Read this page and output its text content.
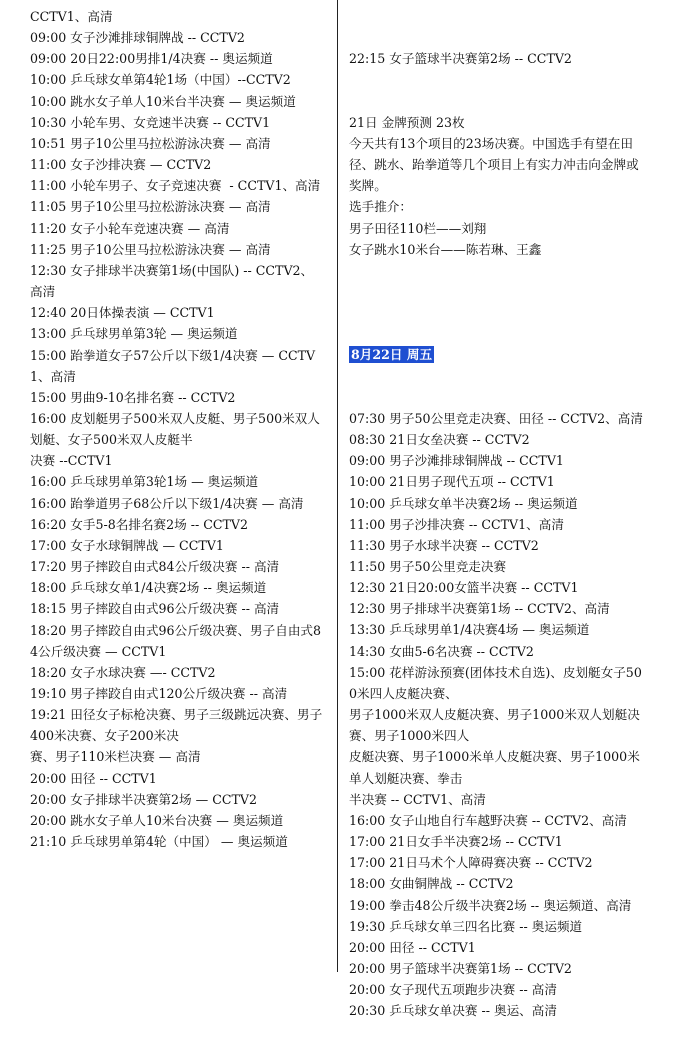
CCTV1、高清
09:00 女子沙滩排球铜牌战 -- CCTV2
09:00 20日22:00男排1/4决赛 -- 奥运频道
10:00 乒乓球女单第4轮1场（中国）--CCTV2
10:00 跳水女子单人10米台半决赛 — 奥运频道
10:30 小轮车男、女竞速半决赛 -- CCTV1
10:51 男子10公里马拉松游泳决赛 — 高清
11:00 女子沙排决赛 — CCTV2
11:00 小轮车男子、女子竞速决赛  - CCTV1、高清
11:05 男子10公里马拉松游泳决赛 — 高清
11:20 女子小轮车竞速决赛 — 高清
11:25 男子10公里马拉松游泳决赛 — 高清
12:30 女子排球半决赛第1场(中国队) -- CCTV2、高清
12:40 20日体操表演 — CCTV1
13:00 乒乓球男单第3轮 — 奥运频道
15:00 跆拳道女子57公斤以下级1/4决赛 — CCTV1、高清
15:00 男曲9-10名排名赛 -- CCTV2
16:00 皮划艇男子500米双人皮艇、男子500米双人划艇、女子500米双人皮艇半
决赛 --CCTV1
16:00 乒乓球男单第3轮1场 — 奥运频道
16:00 跆拳道男子68公斤以下级1/4决赛 — 高清
16:20 女手5-8名排名赛2场 -- CCTV2
17:00 女子水球铜牌战 — CCTV1
17:20 男子摔跤自由式84公斤级决赛 -- 高清
18:00 乒乓球女单1/4决赛2场 -- 奥运频道
18:15 男子摔跤自由式96公斤级决赛 -- 高清
18:20 男子摔跤自由式96公斤级决赛、男子自由式84公斤级决赛 — CCTV1
18:20 女子水球决赛 —- CCTV2
19:10 男子摔跤自由式120公斤级决赛 -- 高清
19:21 田径女子标枪决赛、男子三级跳远决赛、男子400米决赛、女子200米决
赛、男子110米栏决赛 — 高清
20:00 田径 -- CCTV1
20:00 女子排球半决赛第2场 — CCTV2
20:00 跳水女子单人10米台决赛 — 奥运频道
21:10 乒乓球男单第4轮（中国） — 奥运频道

22:15 女子篮球半决赛第2场 -- CCTV2
21日 金牌预测 23枚
今天共有13个项目的23场决赛。中国选手有望在田径、跳水、跆拳道等几个项目上有实力冲击向金牌或奖牌。
选手推介：
男子田径110栏——刘翔
女子跳水10米台——陈若琳、王鑫

8月22日 周五

07:30 男子50公里竞走决赛、田径 -- CCTV2、高清
08:30 21日女垒决赛 -- CCTV2
09:00 男子沙滩排球铜牌战 -- CCTV1
10:00 21日男子现代五项 -- CCTV1
10:00 乒乓球女单半决赛2场 -- 奥运频道
11:00 男子沙排决赛 -- CCTV1、高清
11:30 男子水球半决赛 -- CCTV2
11:50 男子50公里竞走决赛
12:30 21日20:00女篮半决赛 -- CCTV1
12:30 男子排球半决赛第1场 -- CCTV2、高清
13:30 乒乓球男单1/4决赛4场 — 奥运频道
14:30 女曲5-6名决赛 -- CCTV2
15:00 花样游泳预赛(团体技术自选)、皮划艇女子500米四人皮艇决赛、
男子1000米双人皮艇决赛、男子1000米双人划艇决赛、男子1000米四人
皮艇决赛、男子1000米单人皮艇决赛、男子1000米单人划艇决赛、拳击
半决赛 -- CCTV1、高清
16:00 女子山地自行车越野决赛 -- CCTV2、高清
17:00 21日女手半决赛2场 -- CCTV1
17:00 21日马术个人障碍赛决赛 -- CCTV2
18:00 女曲铜牌战 -- CCTV2
19:00 拳击48公斤级半决赛2场 -- 奥运频道、高清
19:30 乒乓球女单三四名比赛 -- 奥运频道
20:00 田径 -- CCTV1
20:00 男子篮球半决赛第1场 -- CCTV2
20:00 女子现代五项跑步决赛 -- 高清
20:30 乒乓球女单决赛 -- 奥运、高清
